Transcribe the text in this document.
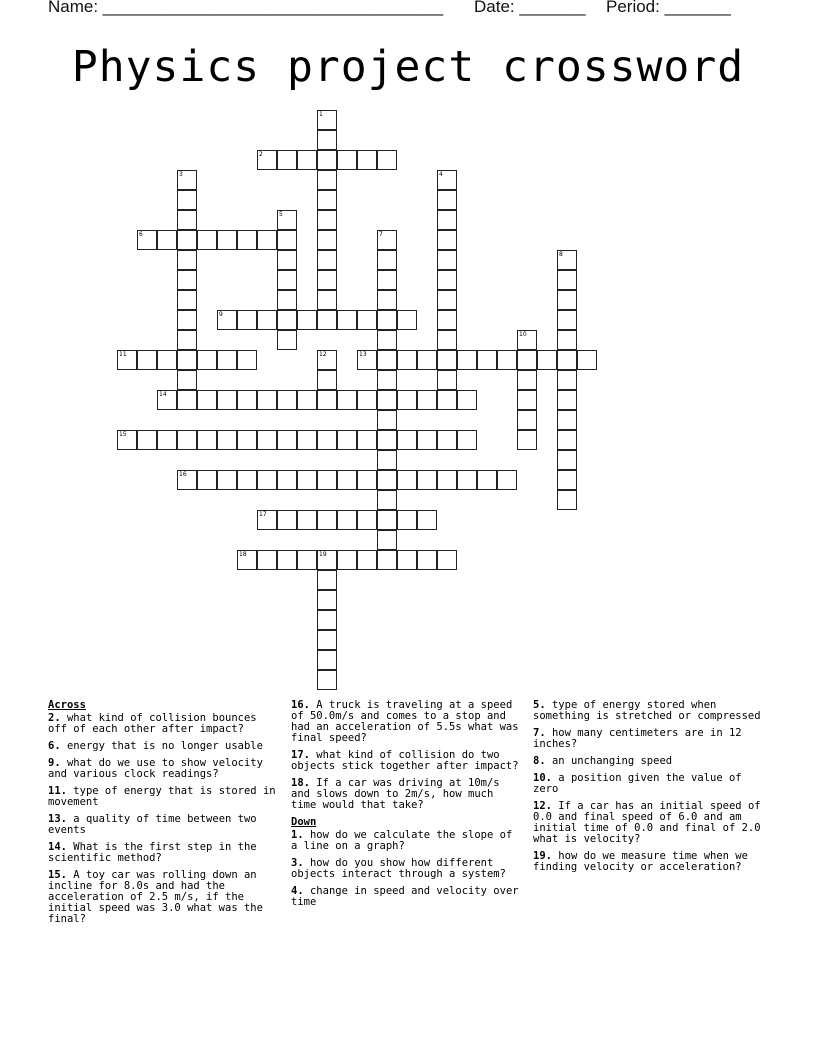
Name: ____________________________________ Date: _______ Period: _______
Physics project crossword
1
2
3	4
5
6	7
8
9
10
11	12	13
14
15
16
17
18	19
Across
2. what kind of collision bounces off of each other after impact?
6. energy that is no longer usable
9. what do we use to show velocity and various clock readings?
11. type of energy that is stored in movement
13. a quality of time between two events
14. What is the first step in the scientific method?
15. A toy car was rolling down an incline for 8.0s and had the acceleration of 2.5 m/s, if the initial speed was 3.0 what was the final?
16. A truck is traveling at a speed of 50.0m/s and comes to a stop and had an acceleration of 5.5s what was final speed?
17. what kind of collision do two objects stick together after impact?
18. If a car was driving at 10m/s and slows down to 2m/s, how much time would that take?
Down
1. how do we calculate the slope of a line on a graph?
3. how do you show how different objects interact through a system?
4. change in speed and velocity over time
5. type of energy stored when something is stretched or compressed
7. how many centimeters are in 12 inches?
8. an unchanging speed
10. a position given the value of zero
12. If a car has an initial speed of 0.0 and final speed of 6.0 and am initial time of 0.0 and final of 2.0 what is velocity?
19. how do we measure time when we finding velocity or acceleration?
